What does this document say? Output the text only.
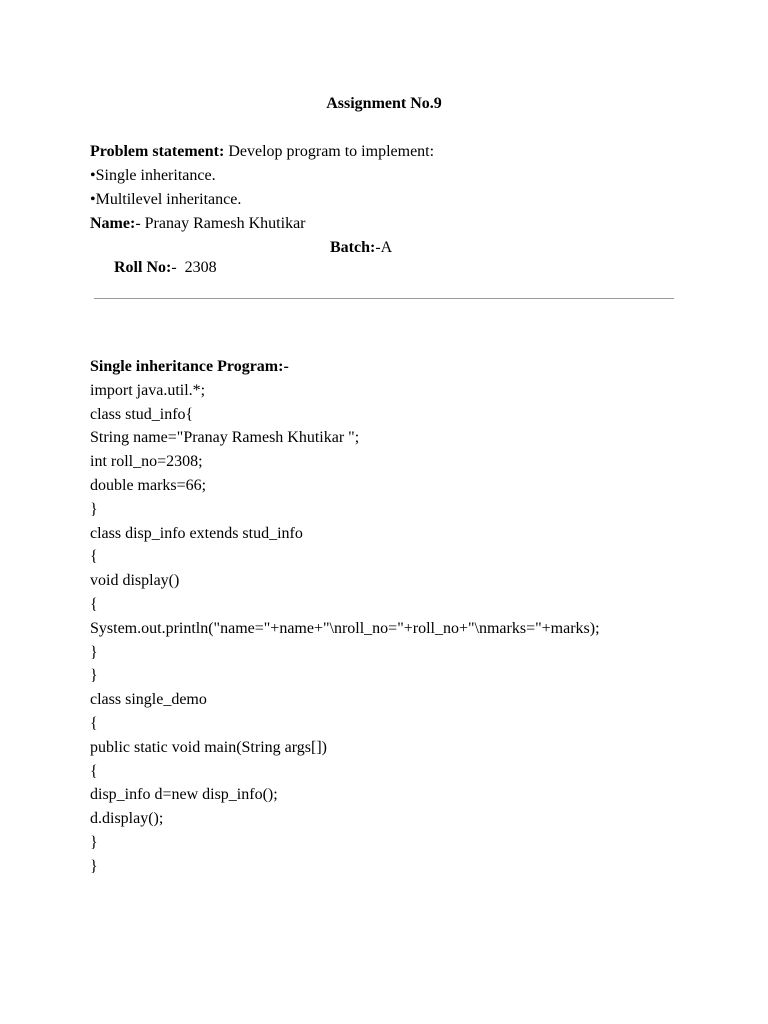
Assignment No.9
Problem statement: Develop program to implement:
•Single inheritance.
•Multilevel inheritance.
Name:- Pranay Ramesh Khutikar

Roll No:-  2308

Batch:-A

Single inheritance Program:-
import java.util.*;
class stud_info{
String name="Pranay Ramesh Khutikar ";
int roll_no=2308;
double marks=66;
}
class disp_info extends stud_info
{
void display()
{
System.out.println("name="+name+"\nroll_no="+roll_no+"\nmarks="+marks);
}
}
class single_demo
{
public static void main(String args[])
{
disp_info d=new disp_info();
d.display();
}
}
